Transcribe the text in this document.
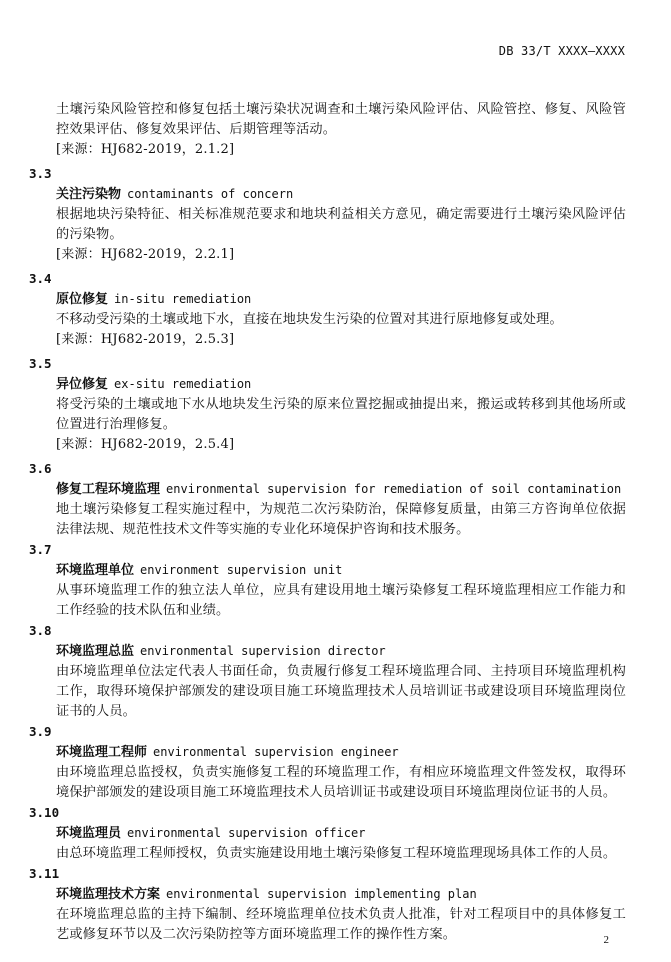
DB 33/T XXXX—XXXX

土壤污染风险管控和修复包括土壤污染状况调查和土壤污染风险评估、风险管控、修复、风险管控效果评估、修复效果评估、后期管理等活动。

[来源：HJ682-2019，2.1.2]

3.3
关注污染物 contaminants of concern

根据地块污染特征、相关标准规范要求和地块利益相关方意见，确定需要进行土壤污染风险评估的污染物。

[来源：HJ682-2019，2.2.1]

3.4
原位修复 in-situ remediation

不移动受污染的土壤或地下水，直接在地块发生污染的位置对其进行原地修复或处理。

[来源：HJ682-2019，2.5.3]

3.5
异位修复 ex-situ remediation

将受污染的土壤或地下水从地块发生污染的原来位置挖掘或抽提出来，搬运或转移到其他场所或位置进行治理修复。

[来源：HJ682-2019，2.5.4]

3.6
修复工程环境监理 environmental supervision for remediation of soil contamination

地土壤污染修复工程实施过程中，为规范二次污染防治，保障修复质量，由第三方咨询单位依据法律法规、规范性技术文件等实施的专业化环境保护咨询和技术服务。

3.7
环境监理单位 environment supervision unit

从事环境监理工作的独立法人单位，应具有建设用地土壤污染修复工程环境监理相应工作能力和工作经验的技术队伍和业绩。

3.8
环境监理总监 environmental supervision director

由环境监理单位法定代表人书面任命，负责履行修复工程环境监理合同、主持项目环境监理机构工作，取得环境保护部颁发的建设项目施工环境监理技术人员培训证书或建设项目环境监理岗位证书的人员。

3.9
环境监理工程师 environmental supervision engineer

由环境监理总监授权，负责实施修复工程的环境监理工作，有相应环境监理文件签发权，取得环境保护部颁发的建设项目施工环境监理技术人员培训证书或建设项目环境监理岗位证书的人员。

3.10
环境监理员 environmental supervision officer

由总环境监理工程师授权，负责实施建设用地土壤污染修复工程环境监理现场具体工作的人员。

3.11
环境监理技术方案 environmental supervision implementing plan

在环境监理总监的主持下编制、经环境监理单位技术负责人批准，针对工程项目中的具体修复工艺或修复环节以及二次污染防控等方面环境监理工作的操作性方案。	2
